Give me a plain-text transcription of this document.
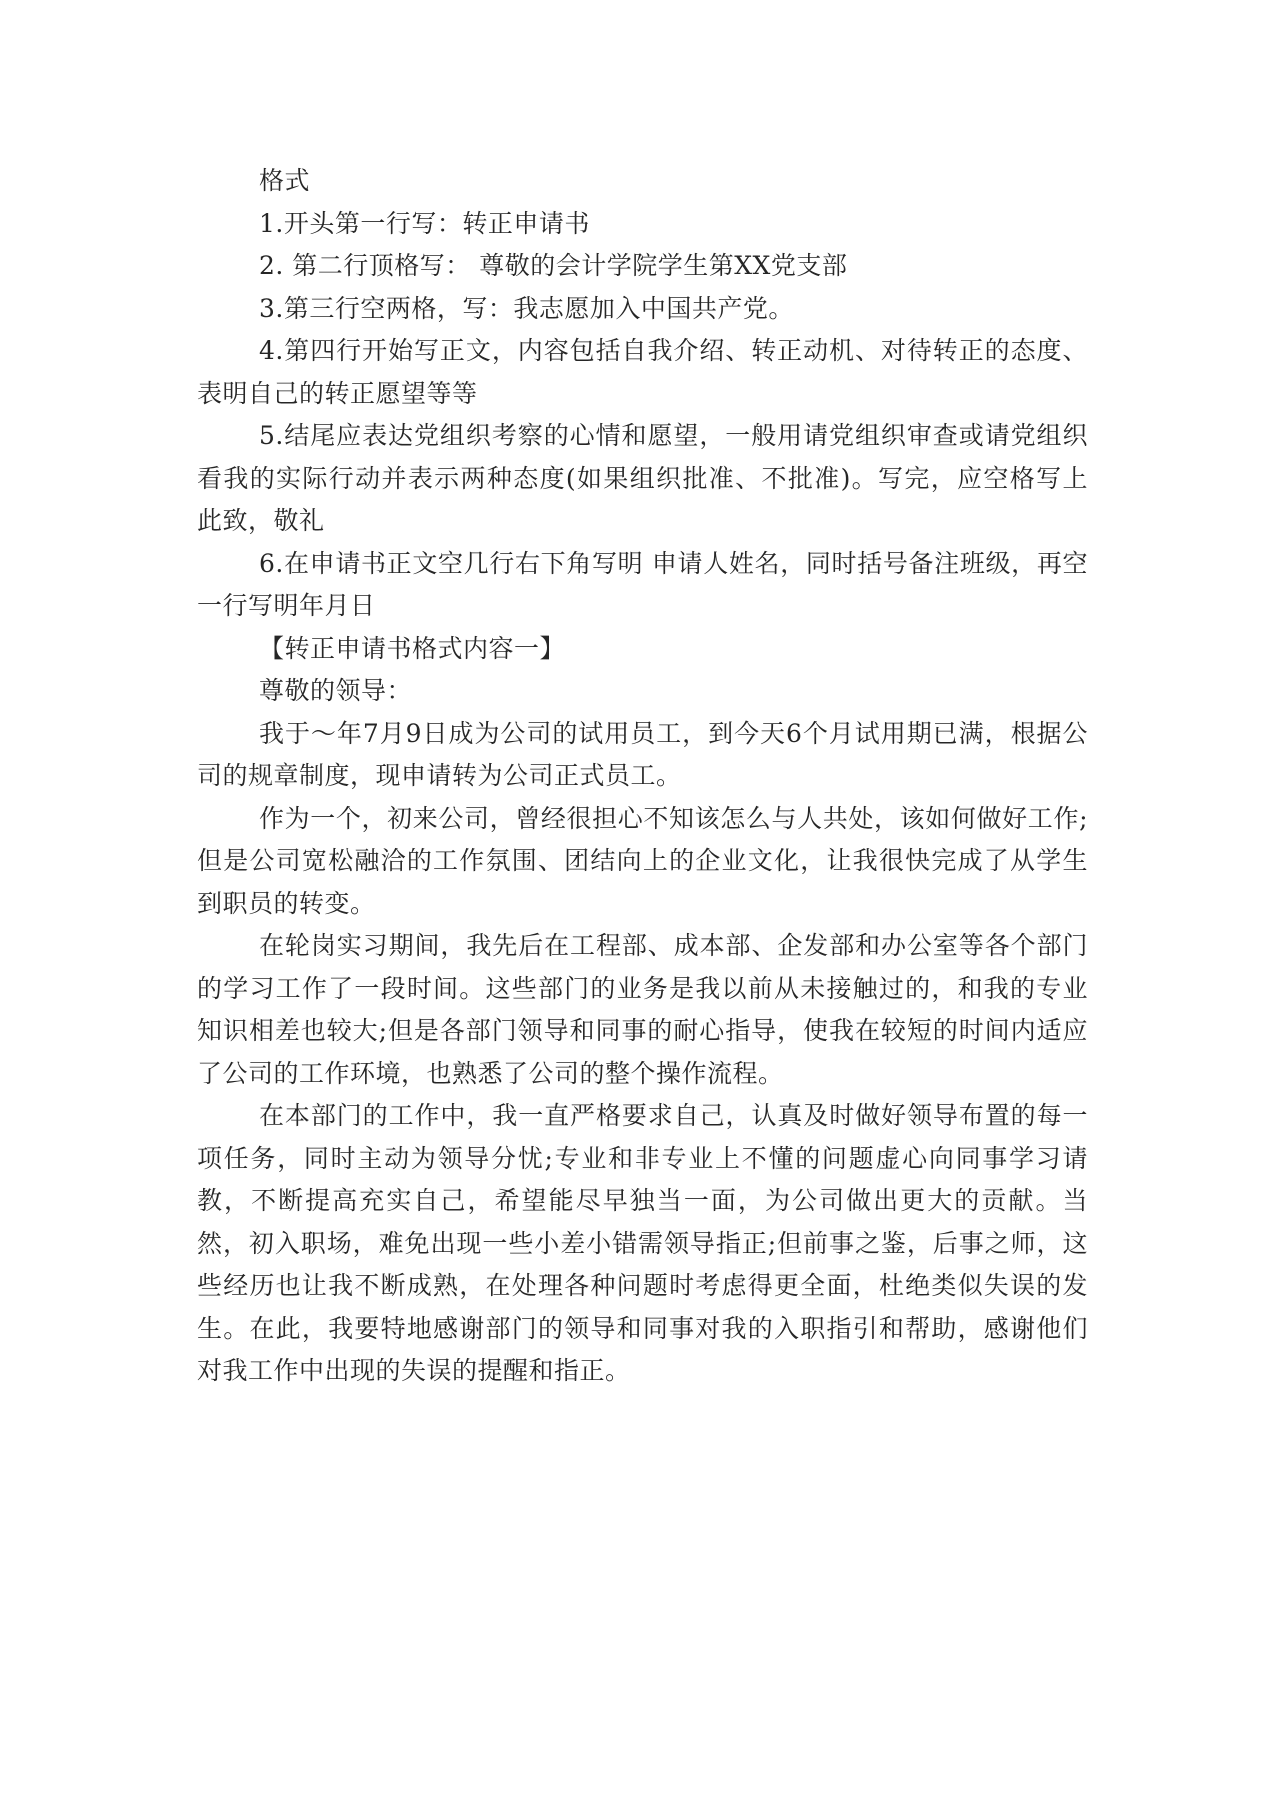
格式

1.开头第一行写：转正申请书

2. 第二行顶格写： 尊敬的会计学院学生第XX党支部

3.第三行空两格，写：我志愿加入中国共产党。

4.第四行开始写正文，内容包括自我介绍、转正动机、对待转正的态度、表明自己的转正愿望等等

5.结尾应表达党组织考察的心情和愿望，一般用请党组织审查或请党组织看我的实际行动并表示两种态度(如果组织批准、不批准)。写完，应空格写上 此致，敬礼

6.在申请书正文空几行右下角写明 申请人姓名，同时括号备注班级，再空一行写明年月日

【转正申请书格式内容一】

尊敬的领导：

我于～年7月9日成为公司的试用员工，到今天6个月试用期已满，根据公司的规章制度，现申请转为公司正式员工。

作为一个，初来公司，曾经很担心不知该怎么与人共处，该如何做好工作;但是公司宽松融洽的工作氛围、团结向上的企业文化，让我很快完成了从学生到职员的转变。

在轮岗实习期间，我先后在工程部、成本部、企发部和办公室等各个部门的学习工作了一段时间。这些部门的业务是我以前从未接触过的，和我的专业知识相差也较大;但是各部门领导和同事的耐心指导，使我在较短的时间内适应了公司的工作环境，也熟悉了公司的整个操作流程。

在本部门的工作中，我一直严格要求自己，认真及时做好领导布置的每一项任务，同时主动为领导分忧;专业和非专业上不懂的问题虚心向同事学习请教，不断提高充实自己，希望能尽早独当一面，为公司做出更大的贡献。当然，初入职场，难免出现一些小差小错需领导指正;但前事之鉴，后事之师，这些经历也让我不断成熟，在处理各种问题时考虑得更全面，杜绝类似失误的发生。在此，我要特地感谢部门的领导和同事对我的入职指引和帮助，感谢他们对我工作中出现的失误的提醒和指正。
